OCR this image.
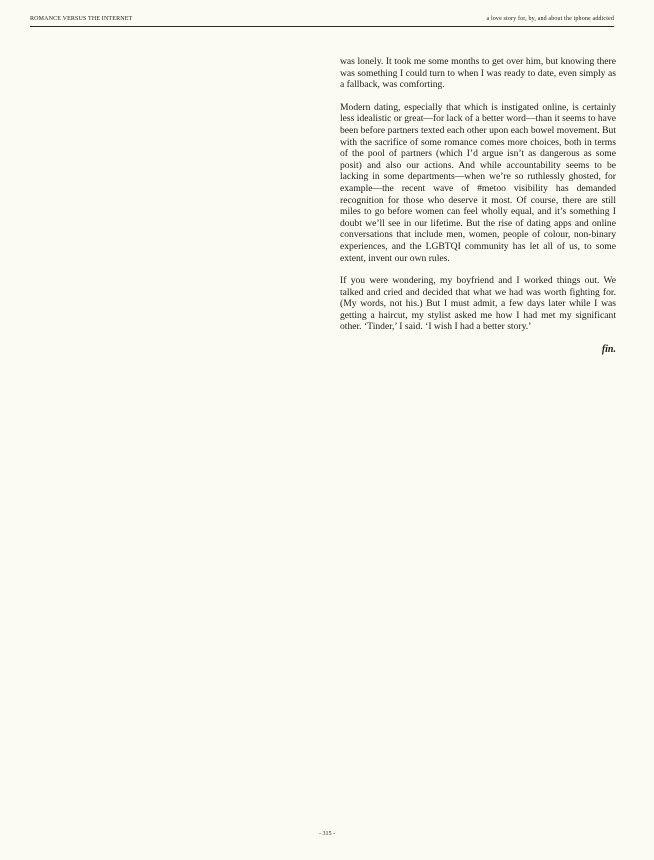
ROMANCE VERSUS THE INTERNET	a love story for, by, and about the iphone addicted

was lonely. It took me some months to get over him, but knowing there was something I could turn to when I was ready to date, even simply as a fallback, was comforting.

Modern dating, especially that which is instigated online, is certainly less idealistic or great—for lack of a better word—than it seems to have been before partners texted each other upon each bowel movement. But with the sacrifice of some romance comes more choices, both in terms of the pool of partners (which I’d argue isn’t as dangerous as some posit) and also our actions. And while accountability seems to be lacking in some departments—when we’re so ruthlessly ghosted, for example—the recent wave of #metoo visibility has demanded recognition for those who deserve it most. Of course, there are still miles to go before women can feel wholly equal, and it’s something I doubt we’ll see in our lifetime. But the rise of dating apps and online conversations that include men, women, people of colour, non-binary experiences, and the LGBTQI community has let all of us, to some extent, invent our own rules.

If you were wondering, my boyfriend and I worked things out. We talked and cried and decided that what we had was worth fighting for. (My words, not his.) But I must admit, a few days later while I was getting a haircut, my stylist asked me how I had met my significant other. ‘Tinder,’ I said. ‘I wish I had a better story.’

fin.
- 315 -
